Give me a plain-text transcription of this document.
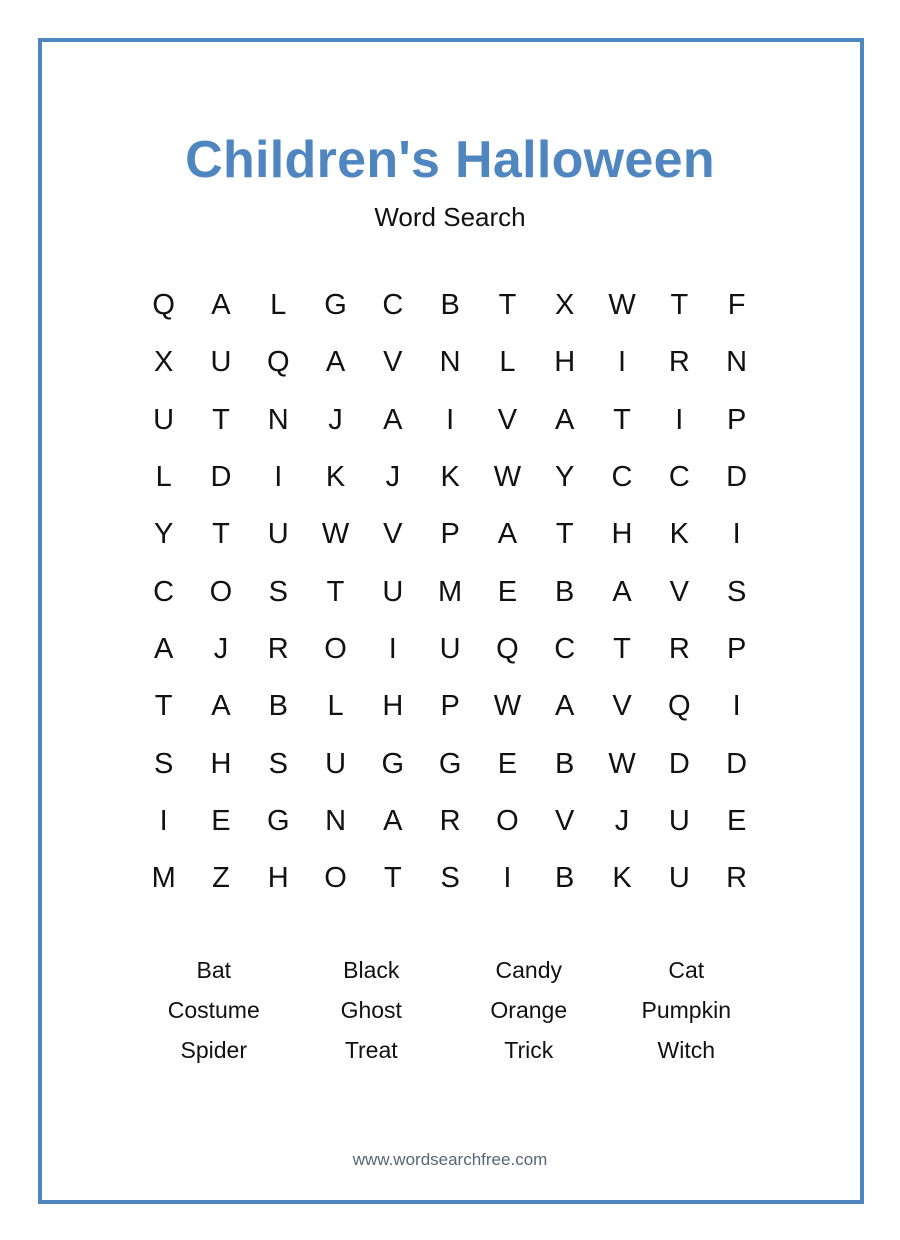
Children's Halloween
Word Search
Q	A	L	G	C	B	T	X	W	T	F
X	U	Q	A	V	N	L	H	I	R	N
U	T	N	J	A	I	V	A	T	I	P
L	D	I	K	J	K	W	Y	C	C	D
Y	T	U	W	V	P	A	T	H	K	I
C	O	S	T	U	M	E	B	A	V	S
A	J	R	O	I	U	Q	C	T	R	P
T	A	B	L	H	P	W	A	V	Q	I
S	H	S	U	G	G	E	B	W	D	D
I	E	G	N	A	R	O	V	J	U	E
M	Z	H	O	T	S	I	B	K	U	R
Bat	Black	Candy	Cat
Costume	Ghost	Orange	Pumpkin
Spider	Treat	Trick	Witch
www.wordsearchfree.com
